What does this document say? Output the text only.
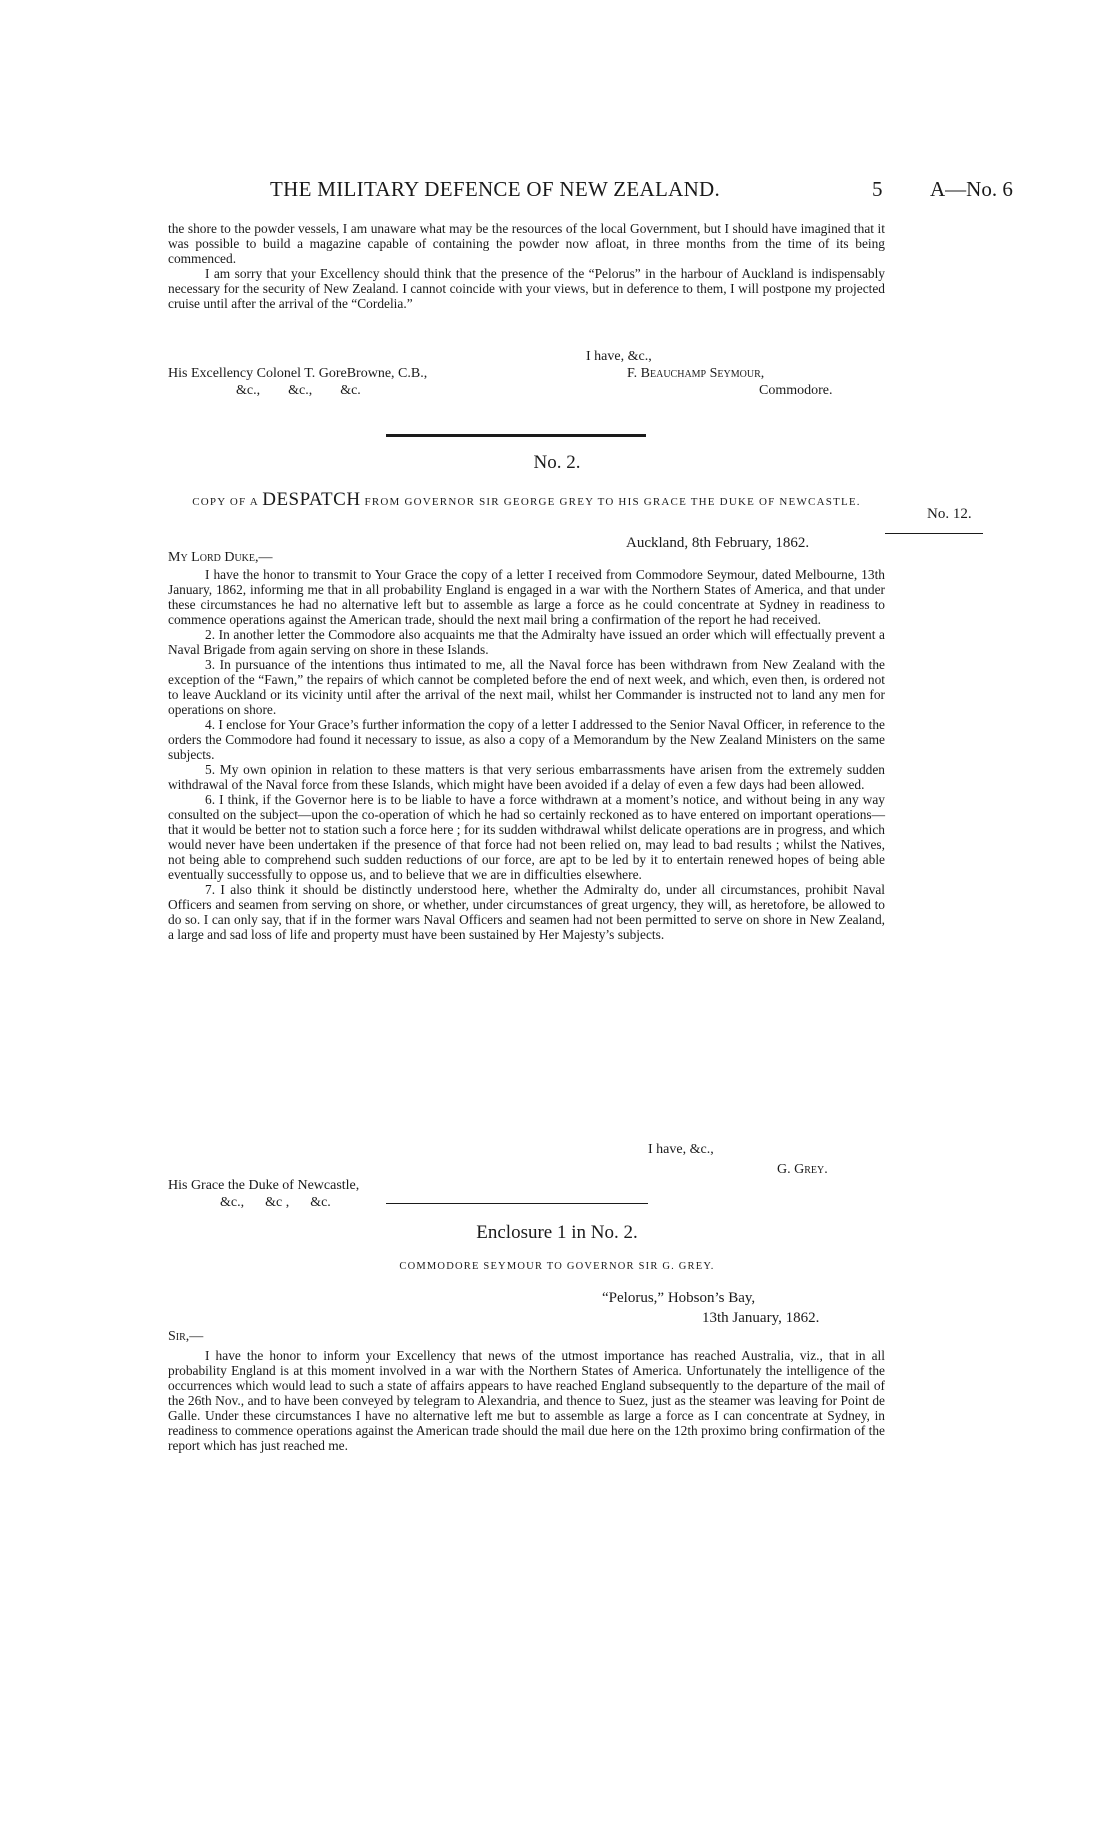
THE MILITARY DEFENCE OF NEW ZEALAND.	5 A—No. 6

the shore to the powder vessels, I am unaware what may be the resources of the local Government, but I should have imagined that it was possible to build a magazine capable of containing the powder now afloat, in three months from the time of its being commenced.

I am sorry that your Excellency should think that the presence of the “Pelorus” in the harbour of Auckland is indispensably necessary for the security of New Zealand. I cannot coincide with your views, but in deference to them, I will postpone my projected cruise until after the arrival of the “Cordelia.”

I have, &c.,
His Excellency Colonel T. GoreBrowne, C.B.,	F. Beauchamp Seymour,
&c.,        &c.,        &c.	Commodore.
No. 2.
COPY OF A DESPATCH FROM GOVERNOR SIR GEORGE GREY TO HIS GRACE THE DUKE OF NEWCASTLE.
No. 12.
Auckland, 8th February, 1862.
My Lord Duke,—

I have the honor to transmit to Your Grace the copy of a letter I received from Commodore Seymour, dated Melbourne, 13th January, 1862, informing me that in all probability England is engaged in a war with the Northern States of America, and that under these circumstances he had no alternative left but to assemble as large a force as he could concentrate at Sydney in readiness to commence operations against the American trade, should the next mail bring a confirmation of the report he had received.

2. In another letter the Commodore also acquaints me that the Admiralty have issued an order which will effectually prevent a Naval Brigade from again serving on shore in these Islands.

3. In pursuance of the intentions thus intimated to me, all the Naval force has been withdrawn from New Zealand with the exception of the “Fawn,” the repairs of which cannot be completed before the end of next week, and which, even then, is ordered not to leave Auckland or its vicinity until after the arrival of the next mail, whilst her Commander is instructed not to land any men for operations on shore.

4. I enclose for Your Grace’s further information the copy of a letter I addressed to the Senior Naval Officer, in reference to the orders the Commodore had found it necessary to issue, as also a copy of a Memorandum by the New Zealand Ministers on the same subjects.

5. My own opinion in relation to these matters is that very serious embarrassments have arisen from the extremely sudden withdrawal of the Naval force from these Islands, which might have been avoided if a delay of even a few days had been allowed.

6. I think, if the Governor here is to be liable to have a force withdrawn at a moment’s notice, and without being in any way consulted on the subject—upon the co-operation of which he had so certainly reckoned as to have entered on important operations—that it would be better not to station such a force here ; for its sudden withdrawal whilst delicate operations are in progress, and which would never have been undertaken if the presence of that force had not been relied on, may lead to bad results ; whilst the Natives, not being able to comprehend such sudden reductions of our force, are apt to be led by it to entertain renewed hopes of being able eventually successfully to oppose us, and to believe that we are in difficulties elsewhere.

7. I also think it should be distinctly understood here, whether the Admiralty do, under all circumstances, prohibit Naval Officers and seamen from serving on shore, or whether, under circumstances of great urgency, they will, as heretofore, be allowed to do so. I can only say, that if in the former wars Naval Officers and seamen had not been permitted to serve on shore in New Zealand, a large and sad loss of life and property must have been sustained by Her Majesty’s subjects.

I have, &c.,
G. Grey.
His Grace the Duke of Newcastle,
&c.,      &c ,      &c.
Enclosure 1 in No. 2.
COMMODORE SEYMOUR TO GOVERNOR SIR G. GREY.
“Pelorus,” Hobson’s Bay,
13th January, 1862.
Sir,—

I have the honor to inform your Excellency that news of the utmost importance has reached Australia, viz., that in all probability England is at this moment involved in a war with the Northern States of America. Unfortunately the intelligence of the occurrences which would lead to such a state of affairs appears to have reached England subsequently to the departure of the mail of the 26th Nov., and to have been conveyed by telegram to Alexandria, and thence to Suez, just as the steamer was leaving for Point de Galle. Under these circumstances I have no alternative left me but to assemble as large a force as I can concentrate at Sydney, in readiness to commence operations against the American trade should the mail due here on the 12th proximo bring confirmation of the report which has just reached me.
